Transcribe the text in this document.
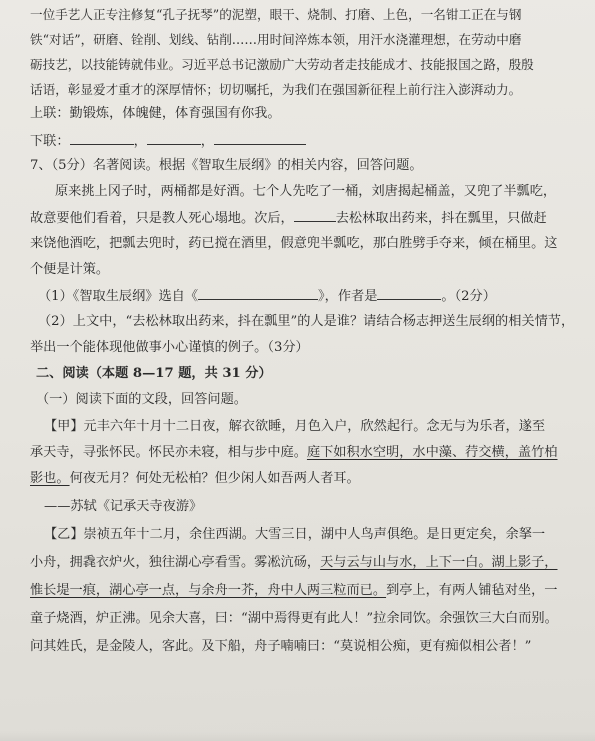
一位手艺人正专注修复“孔子抚琴”的泥塑，眼干、烧制、打磨、上色，一名钳工正在与钢
铁“对话”，研磨、铨削、划线、钻削……用时间淬炼本领，用汗水浇灌理想，在劳动中磨
砺技艺，以技能铸就伟业。习近平总书记激励广大劳动者走技能成才、技能报国之路，殷殷
话语，彰显爱才重才的深厚情怀；切切嘱托，为我们在强国新征程上前行注入澎湃动力。
上联：勤锻炼，体魄健，体育强国有你我。
下联：	，	，
7、（5分）名著阅读。根据《智取生辰纲》的相关内容，回答问题。
原来挑上冈子时，两桶都是好酒。七个人先吃了一桶，刘唐揭起桶盖，又兜了半瓢吃，
故意要他们看着，只是教人死心塌地。次后，	去松林取出药来，抖在瓢里，只做赶
来饶他酒吃，把瓢去兜时，药已搅在酒里，假意兜半瓢吃，那白胜劈手夺来，倾在桶里。这
个便是计策。
（1）《智取生辰纲》选自《	》，作者是	。（2分）
（2）上文中，“去松林取出药来，抖在瓢里”的人是谁？请结合杨志押送生辰纲的相关情节，
举出一个能体现他做事小心谨慎的例子。（3分）
二、阅读（本题 8—17 题，共 31 分）
（一）阅读下面的文段，回答问题。
【甲】元丰六年十月十二日夜，解衣欲睡，月色入户，欣然起行。念无与为乐者，遂至
承天寺，寻张怀民。怀民亦未寝，相与步中庭。庭下如积水空明，水中藻、荇交横，盖竹柏
影也。何夜无月？何处无松柏？但少闲人如吾两人者耳。
——苏轼《记承天寺夜游》
【乙】崇祯五年十二月，余住西湖。大雪三日，湖中人鸟声俱绝。是日更定矣，余拏一
小舟，拥毳衣炉火，独往湖心亭看雪。雾凇沆砀，天与云与山与水，上下一白。湖上影子，
惟长堤一痕，湖心亭一点，与余舟一芥，舟中人两三粒而已。到亭上，有两人铺毡对坐，一
童子烧酒，炉正沸。见余大喜，曰：“湖中焉得更有此人！”拉余同饮。余强饮三大白而别。
问其姓氏，是金陵人，客此。及下船，舟子喃喃曰：“莫说相公痴，更有痴似相公者！”
